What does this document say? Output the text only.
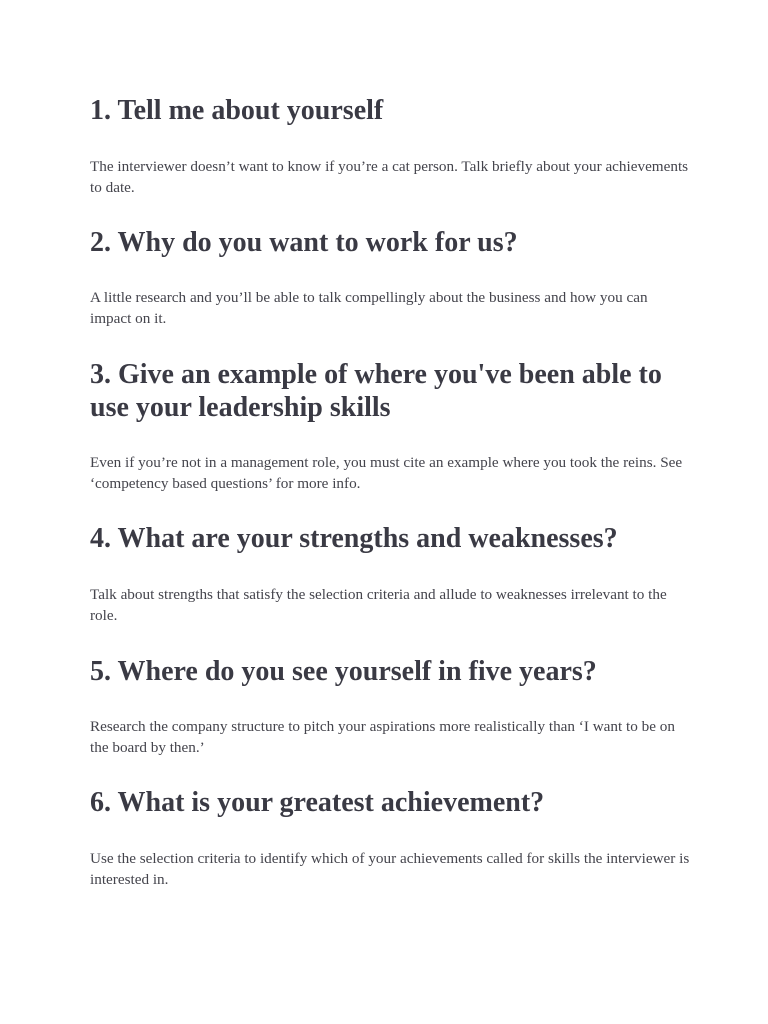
1. Tell me about yourself

The interviewer doesn’t want to know if you’re a cat person. Talk briefly about your achievements to date.

2. Why do you want to work for us?

A little research and you’ll be able to talk compellingly about the business and how you can impact on it.

3. Give an example of where you've been able to use your leadership skills

Even if you’re not in a management role, you must cite an example where you took the reins. See ‘competency based questions’ for more info.

4. What are your strengths and weaknesses?

Talk about strengths that satisfy the selection criteria and allude to weaknesses irrelevant to the role.

5. Where do you see yourself in five years?

Research the company structure to pitch your aspirations more realistically than ‘I want to be on the board by then.’

6. What is your greatest achievement?

Use the selection criteria to identify which of your achievements called for skills the interviewer is interested in.
